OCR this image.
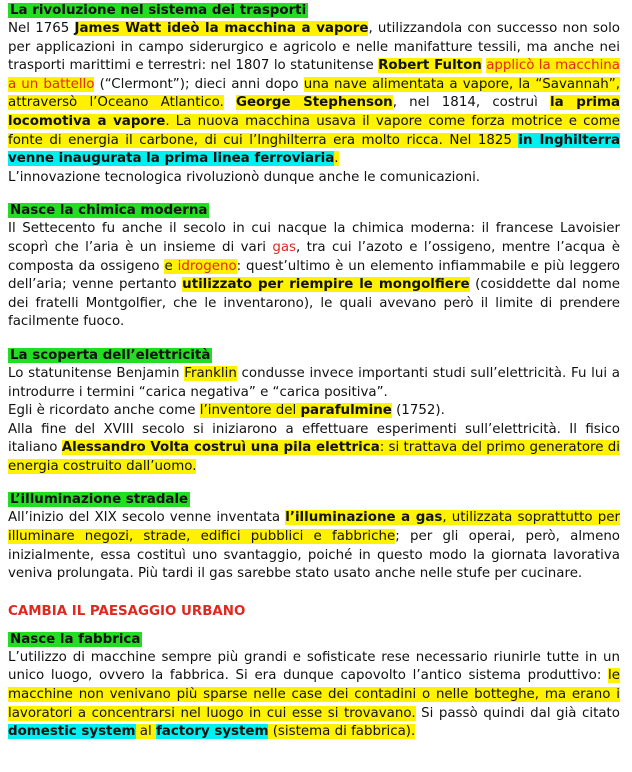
La rivoluzione nel sistema dei trasporti

Nel 1765 James Watt ideò la macchina a vapore, utilizzandola con successo non solo per applicazioni in campo siderurgico e agricolo e nelle manifatture tessili, ma anche nei trasporti marittimi e terrestri: nel 1807 lo statunitense Robert Fulton applicò la macchina a un battello (“Clermont”); dieci anni dopo una nave alimentata a vapore, la “Savannah”, attraversò l’Oceano Atlantico. George Stephenson, nel 1814, costruì la prima locomotiva a vapore. La nuova macchina usava il vapore come forza motrice e come fonte di energia il carbone, di cui l’Inghilterra era molto ricca. Nel 1825 in Inghilterra venne inaugurata la prima linea ferroviaria.

L’innovazione tecnologica rivoluzionò dunque anche le comunicazioni.

Nasce la chimica moderna

Il Settecento fu anche il secolo in cui nacque la chimica moderna: il francese Lavoisier scoprì che l’aria è un insieme di vari gas, tra cui l’azoto e l’ossigeno, mentre l’acqua è composta da ossigeno e idrogeno: quest’ultimo è un elemento infiammabile e più leggero dell’aria; venne pertanto utilizzato per riempire le mongolfiere (cosiddette dal nome dei fratelli Montgolfier, che le inventarono), le quali avevano però il limite di prendere facilmente fuoco.

La scoperta dell’elettricità

Lo statunitense Benjamin Franklin condusse invece importanti studi sull’elettricità. Fu lui a introdurre i termini “carica negativa” e “carica positiva”.

Egli è ricordato anche come l’inventore del parafulmine (1752).

Alla fine del XVIII secolo si iniziarono a effettuare esperimenti sull’elettricità. Il fisico italiano Alessandro Volta costruì una pila elettrica: si trattava del primo generatore di energia costruito dall’uomo.

L’illuminazione stradale

All’inizio del XIX secolo venne inventata l’illuminazione a gas, utilizzata soprattutto per illuminare negozi, strade, edifici pubblici e fabbriche; per gli operai, però, almeno inizialmente, essa costituì uno svantaggio, poiché in questo modo la giornata lavorativa veniva prolungata. Più tardi il gas sarebbe stato usato anche nelle stufe per cucinare.

CAMBIA IL PAESAGGIO URBANO
Nasce la fabbrica

L’utilizzo di macchine sempre più grandi e sofisticate rese necessario riunirle tutte in un unico luogo, ovvero la fabbrica. Si era dunque capovolto l’antico sistema produttivo: le macchine non venivano più sparse nelle case dei contadini o nelle botteghe, ma erano i lavoratori a concentrarsi nel luogo in cui esse si trovavano. Si passò quindi dal già citato domestic system al factory system (sistema di fabbrica).
